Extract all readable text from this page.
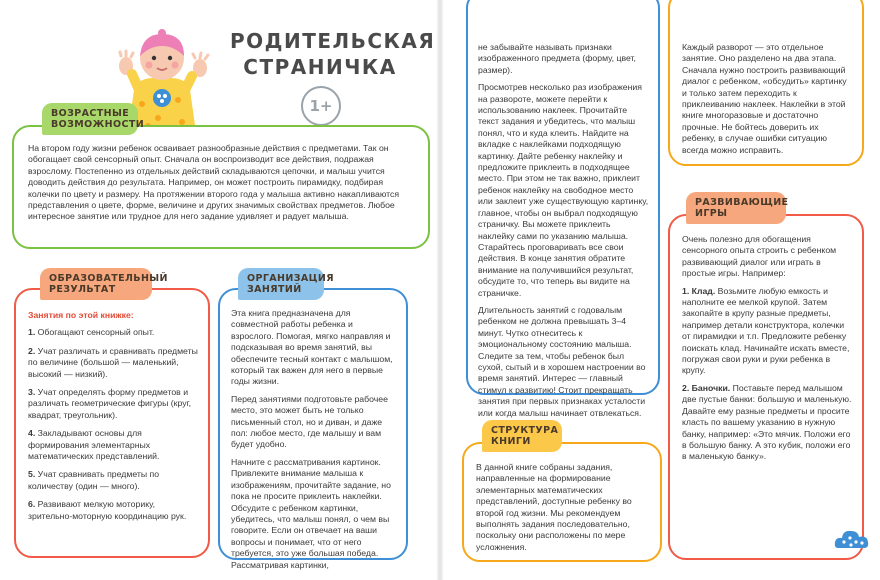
РОДИТЕЛЬСКАЯ
СТРАНИЧКА
1+

На втором году жизни ребенок осваивает разнообразные действия с предметами. Так он обогащает свой сенсорный опыт. Сначала он воспроизводит все действия, подражая взрослому. Постепенно из отдельных действий складываются цепочки, и малыш учится доводить действия до результата. Например, он может построить пирамидку, подбирая колечки по цвету и размеру. На протяжении второго года у малыша активно накапливаются представления о цвете, форме, величине и других значимых свойствах предметов. Любое интересное занятие или трудное для него задание удивляет и радует малыша.

ВОЗРАСТНЫЕ
ВОЗМОЖНОСТИ

Занятия по этой книжке:

1. Обогащают сенсорный опыт.
2. Учат различать и сравнивать предметы по величине (большой — маленький, высокий — низкий).
3. Учат определять форму предметов и различать геометрические фигуры (круг, квадрат, треугольник).
4. Закладывают основы для формирования элементарных математических представлений.
5. Учат сравнивать предметы по количеству (один — много).
6. Развивают мелкую моторику, зрительно-моторную координацию рук.
ОБРАЗОВАТЕЛЬНЫЙ
РЕЗУЛЬТАТ

Эта книга предназначена для совместной работы ребенка и взрослого. Помогая, мягко направляя и подсказывая во время занятий, вы обеспечите тесный контакт с малышом, который так важен для него в первые годы жизни.

Перед занятиями подготовьте рабочее место, это может быть не только письменный стол, но и диван, и даже пол: любое место, где малышу и вам будет удобно.

Начните с рассматривания картинок. Привлеките внимание малыша к изображениям, прочитайте задание, но пока не просите приклеить наклейки. Обсудите с ребенком картинки, убедитесь, что малыш понял, о чем вы говорите. Если он отвечает на ваши вопросы и понимает, что от него требуется, это уже большая победа. Рассматривая картинки,

ОРГАНИЗАЦИЯ
ЗАНЯТИЙ

не забывайте называть признаки изображенного предмета (форму, цвет, размер).

Просмотрев несколько раз изображения на развороте, можете перейти к использованию наклеек. Прочитайте текст задания и убедитесь, что малыш понял, что и куда клеить. Найдите на вкладке с наклейками подходящую картинку. Дайте ребенку наклейку и предложите приклеить в подходящее место. При этом не так важно, приклеит ребенок наклейку на свободное место или заклеит уже существующую картинку, главное, чтобы он выбрал подходящую страничку. Вы можете приклеить наклейку сами по указанию малыша. Старайтесь проговаривать все свои действия. В конце занятия обратите внимание на получившийся результат, обсудите то, что теперь вы видите на страничке.

Длительность занятий с годовалым ребенком не должна превышать 3–4 минут. Чутко отнеситесь к эмоциональному состоянию малыша. Следите за тем, чтобы ребенок был сухой, сытый и в хорошем настроении во время занятий. Интерес — главный стимул к развитию! Стоит прекращать занятия при первых признаках усталости или когда малыш начинает отвлекаться.

В данной книге собраны задания, направленные на формирование элементарных математических представлений, доступные ребенку во второй год жизни. Мы рекомендуем выполнять задания последовательно, поскольку они расположены по мере усложнения.

СТРУКТУРА
КНИГИ

Каждый разворот — это отдельное занятие. Оно разделено на два этапа. Сначала нужно построить развивающий диалог с ребенком, «обсудить» картинку и только затем переходить к приклеиванию наклеек. Наклейки в этой книге многоразовые и достаточно прочные. Не бойтесь доверить их ребенку, в случае ошибки ситуацию всегда можно исправить.

Очень полезно для обогащения сенсорного опыта строить с ребенком развивающий диалог или играть в простые игры. Например:

1. Клад. Возьмите любую емкость и наполните ее мелкой крупой. Затем закопайте в крупу разные предметы, например детали конструктора, колечки от пирамидки и т.п. Предложите ребенку поискать клад. Начинайте искать вместе, погружая свои руки и руки ребенка в крупу.

2. Баночки. Поставьте перед малышом две пустые банки: большую и маленькую. Давайте ему разные предметы и просите класть по вашему указанию в нужную банку, например: «Это мячик. Положи его в большую банку. А это кубик, положи его в маленькую банку».

РАЗВИВАЮЩИЕ
ИГРЫ
